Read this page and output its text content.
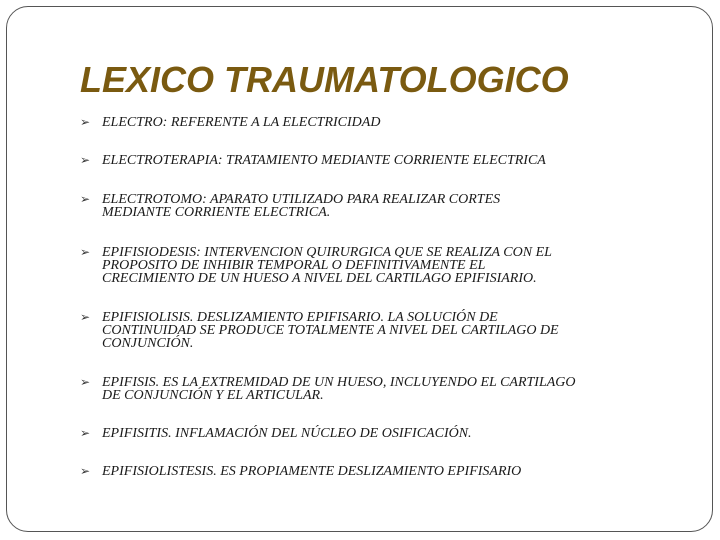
LEXICO TRAUMATOLOGICO
➢ ELECTRO: REFERENTE A LA ELECTRICIDAD
➢ ELECTROTERAPIA: TRATAMIENTO MEDIANTE CORRIENTE ELECTRICA
➢ ELECTROTOMO: APARATO UTILIZADO PARA REALIZAR CORTES
MEDIANTE CORRIENTE ELECTRICA.
➢ EPIFISIODESIS: INTERVENCION QUIRURGICA QUE SE REALIZA CON EL
PROPOSITO DE INHIBIR TEMPORAL O DEFINITIVAMENTE EL
CRECIMIENTO DE UN HUESO A NIVEL DEL CARTILAGO EPIFISIARIO.
➢ EPIFISIOLISIS. DESLIZAMIENTO EPIFISARIO. LA SOLUCIÓN DE
CONTINUIDAD SE PRODUCE TOTALMENTE A NIVEL DEL CARTILAGO DE
CONJUNCIÓN.
➢ EPIFISIS. ES LA EXTREMIDAD DE UN HUESO, INCLUYENDO EL CARTILAGO
DE CONJUNCIÓN Y EL ARTICULAR.
➢ EPIFISITIS. INFLAMACIÓN DEL NÚCLEO DE OSIFICACIÓN.
➢ EPIFISIOLISTESIS. ES PROPIAMENTE DESLIZAMIENTO EPIFISARIO
